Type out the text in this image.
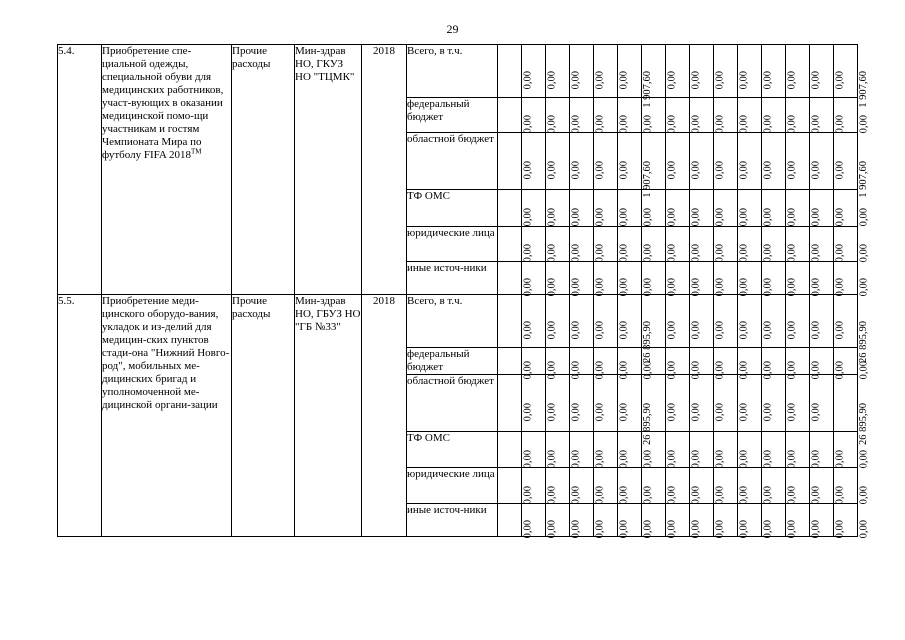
29
5.4.	Приобретение спе-циальной одежды, специальной обуви для медицинских работников, участ-вующих в оказании медицинской помо-щи участникам и гостям Чемпионата Мира по футболу FIFA 2018™	Прочие расходы	Мин-здрав НО, ГКУЗ НО "ТЦМК"	2018	Всего, в т.ч.	0,00	0,00	0,00	0,00	0,00	1 907,60	0,00	0,00	0,00	0,00	0,00	0,00	0,00	0,00	1 907,60

					федеральный бюджет	0,00	0,00	0,00	0,00	0,00	0,00	0,00	0,00	0,00	0,00	0,00	0,00	0,00	0,00	0,00

					областной бюджет	0,00	0,00	0,00	0,00	0,00	1 907,60	0,00	0,00	0,00	0,00	0,00	0,00	0,00	0,00	1 907,60

					ТФ ОМС	0,00	0,00	0,00	0,00	0,00	0,00	0,00	0,00	0,00	0,00	0,00	0,00	0,00	0,00	0,00

					юридические лица	0,00	0,00	0,00	0,00	0,00	0,00	0,00	0,00	0,00	0,00	0,00	0,00	0,00	0,00	0,00

					иные источ-ники	0,00	0,00	0,00	0,00	0,00	0,00	0,00	0,00	0,00	0,00	0,00	0,00	0,00	0,00	0,00

5.5.	Приобретение меди-цинского оборудо-вания, укладок и из-делий для медицин-ских пунктов стади-она "Нижний Новго-род", мобильных ме-дицинских бригад и уполномоченной ме-дицинской органи-зации	Прочие расходы	Мин-здрав НО, ГБУЗ НО "ГБ №33"	2018	Всего, в т.ч.	0,00	0,00	0,00	0,00	0,00	26 895,90	0,00	0,00	0,00	0,00	0,00	0,00	0,00	0,00	26 895,90

					федеральный бюджет	0,00	0,00	0,00	0,00	0,00	0,00	0,00	0,00	0,00	0,00	0,00	0,00	0,00	0,00	0,00

					областной бюджет	0,00	0,00	0,00	0,00	0,00	26 895,90	0,00	0,00	0,00	0,00	0,00	0,00	0,00		26 895,90

					ТФ ОМС	0,00	0,00	0,00	0,00	0,00	0,00	0,00	0,00	0,00	0,00	0,00	0,00	0,00	0,00	0,00

					юридические лица	0,00	0,00	0,00	0,00	0,00	0,00	0,00	0,00	0,00	0,00	0,00	0,00	0,00	0,00	0,00

					иные источ-ники	0,00	0,00	0,00	0,00	0,00	0,00	0,00	0,00	0,00	0,00	0,00	0,00	0,00	0,00	0,00
